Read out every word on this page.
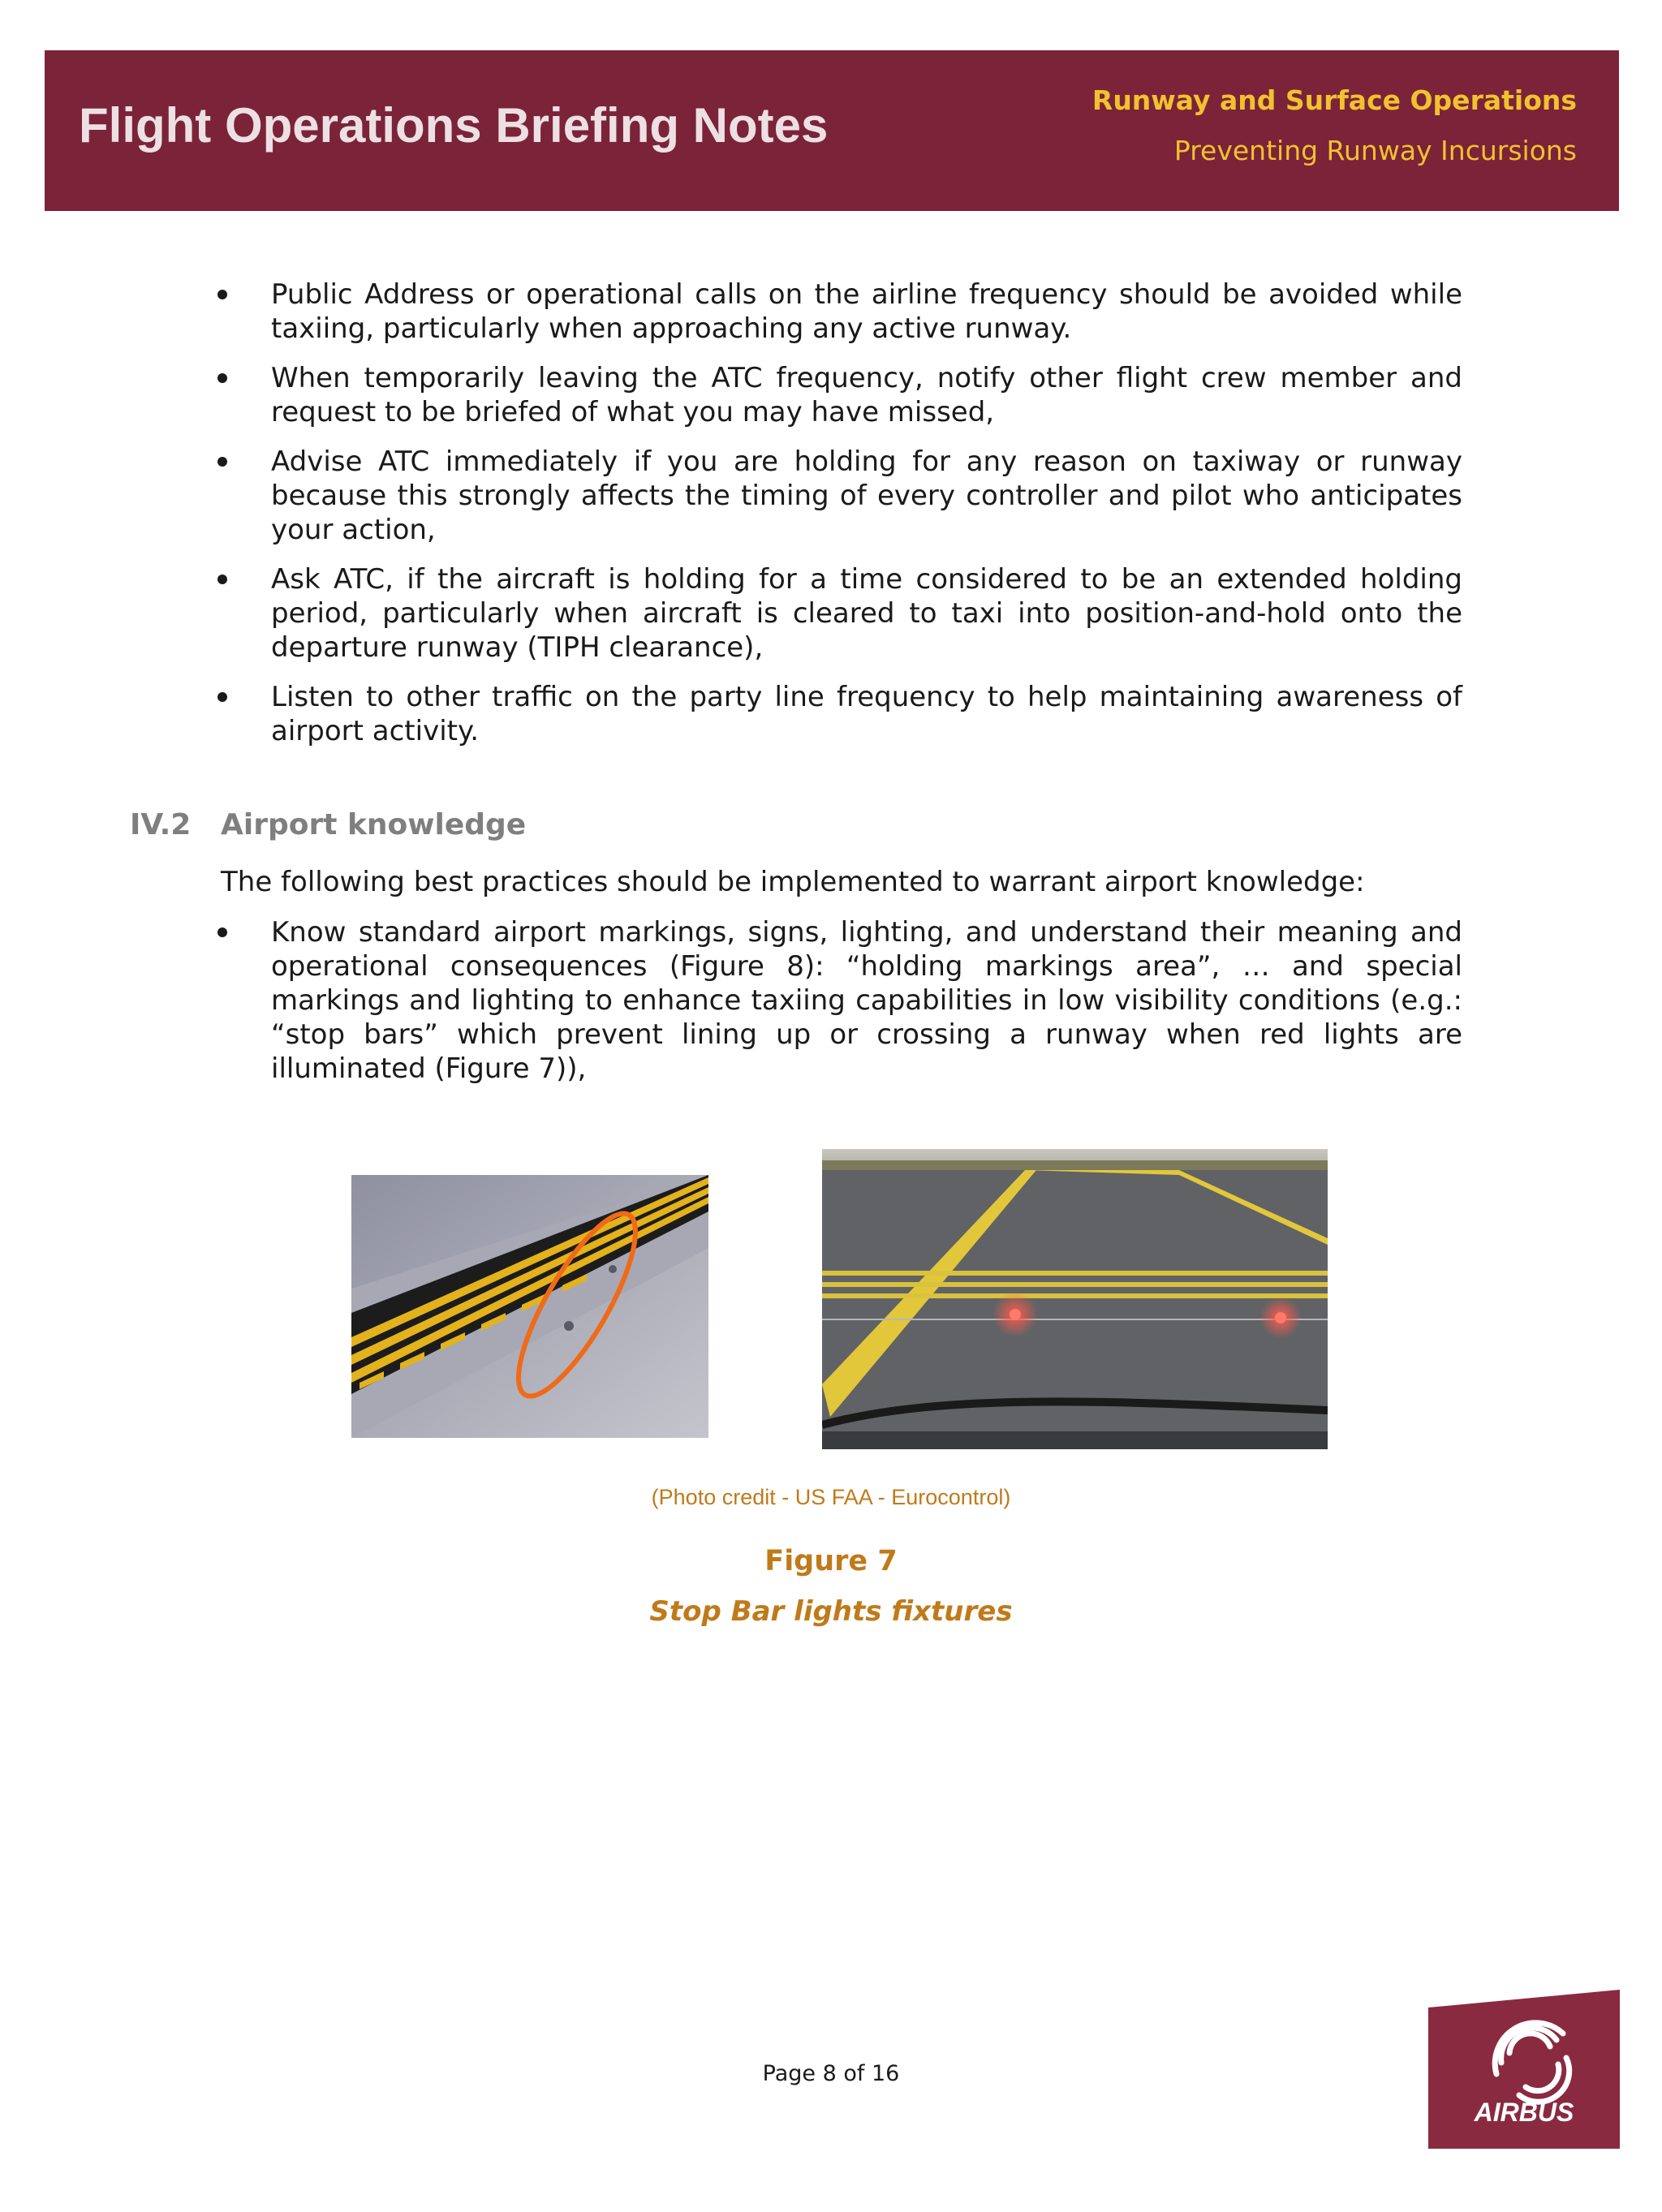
Flight Operations Briefing Notes	Runway and Surface Operations
Preventing Runway Incursions
Public Address or operational calls on the airline frequency should be avoided while taxiing, particularly when approaching any active runway.
When temporarily leaving the ATC frequency, notify other flight crew member and request to be briefed of what you may have missed,
Advise ATC immediately if you are holding for any reason on taxiway or runway because this strongly affects the timing of every controller and pilot who anticipates your action,
Ask ATC, if the aircraft is holding for a time considered to be an extended holding period, particularly when aircraft is cleared to taxi into position-and-hold onto the departure runway (TIPH clearance),
Listen to other traffic on the party line frequency to help maintaining awareness of airport activity.
IV.2 Airport knowledge
The following best practices should be implemented to warrant airport knowledge:
Know standard airport markings, signs, lighting, and understand their meaning and operational consequences (Figure 8): “holding markings area”, … and special markings and lighting to enhance taxiing capabilities in low visibility conditions (e.g.: “stop bars” which prevent lining up or crossing a runway when red lights are illuminated (Figure 7)),
(Photo credit - US FAA - Eurocontrol)
Figure 7
Stop Bar lights fixtures
Page 8 of 16
AIRBUS
